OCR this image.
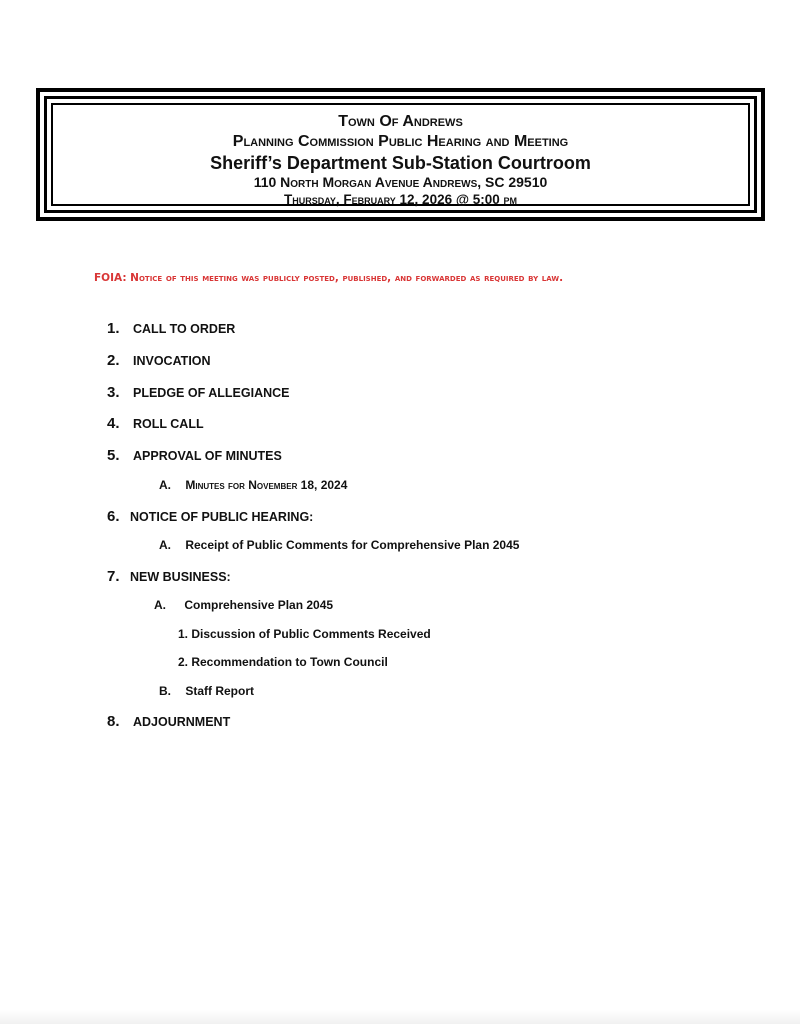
Town Of Andrews
Planning Commission Public Hearing and Meeting
Sheriff’s Department Sub-Station Courtroom
110 North Morgan Avenue Andrews, SC 29510
Thursday, February 12, 2026 @ 5:00 pm
FOIA: Notice of this meeting was publicly posted, published, and forwarded as required by law.
1.	CALL TO ORDER
2.	INVOCATION
3.	PLEDGE OF ALLEGIANCE
4.	ROLL CALL
5.	APPROVAL OF MINUTES
A. Minutes for November 18, 2024
6. NOTICE OF PUBLIC HEARING:
A. Receipt of Public Comments for Comprehensive Plan 2045
7. NEW BUSINESS:
A. Comprehensive Plan 2045
1. Discussion of Public Comments Received
2. Recommendation to Town Council
B. Staff Report
8.	ADJOURNMENT
